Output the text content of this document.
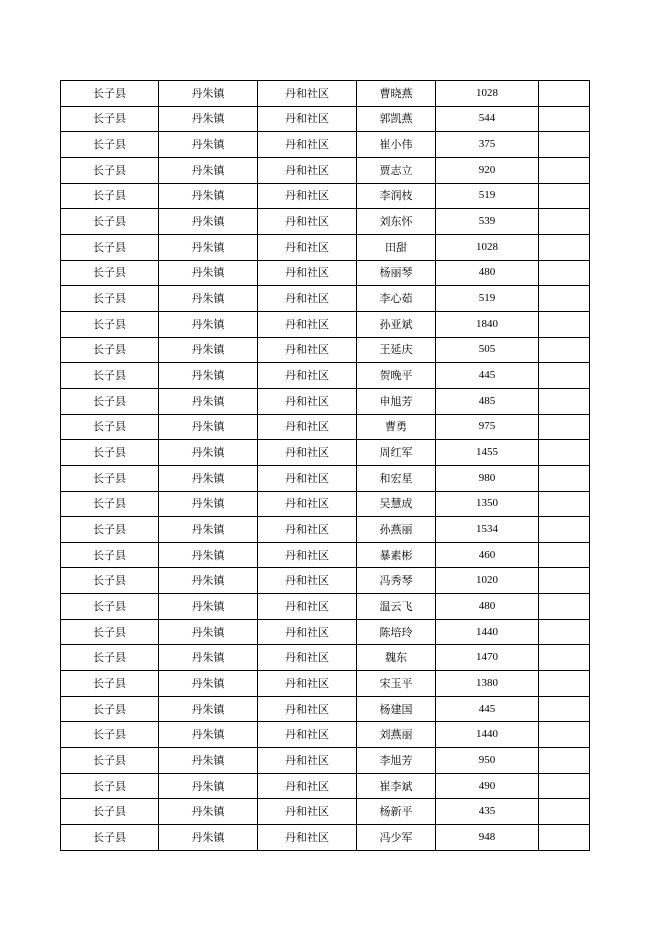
长子县	丹朱镇	丹和社区	曹晓燕	1028	
长子县	丹朱镇	丹和社区	郭凯燕	544	
长子县	丹朱镇	丹和社区	崔小伟	375	
长子县	丹朱镇	丹和社区	贾志立	920	
长子县	丹朱镇	丹和社区	李润枝	519	
长子县	丹朱镇	丹和社区	刘东怀	539	
长子县	丹朱镇	丹和社区	田甜	1028	
长子县	丹朱镇	丹和社区	杨丽琴	480	
长子县	丹朱镇	丹和社区	李心茹	519	
长子县	丹朱镇	丹和社区	孙亚斌	1840	
长子县	丹朱镇	丹和社区	王延庆	505	
长子县	丹朱镇	丹和社区	贺晚平	445	
长子县	丹朱镇	丹和社区	申旭芳	485	
长子县	丹朱镇	丹和社区	曹勇	975	
长子县	丹朱镇	丹和社区	周红军	1455	
长子县	丹朱镇	丹和社区	和宏星	980	
长子县	丹朱镇	丹和社区	吴慧成	1350	
长子县	丹朱镇	丹和社区	孙燕丽	1534	
长子县	丹朱镇	丹和社区	暴素彬	460	
长子县	丹朱镇	丹和社区	冯秀琴	1020	
长子县	丹朱镇	丹和社区	温云飞	480	
长子县	丹朱镇	丹和社区	陈培玲	1440	
长子县	丹朱镇	丹和社区	魏东	1470	
长子县	丹朱镇	丹和社区	宋玉平	1380	
长子县	丹朱镇	丹和社区	杨建国	445	
长子县	丹朱镇	丹和社区	刘燕丽	1440	
长子县	丹朱镇	丹和社区	李旭芳	950	
长子县	丹朱镇	丹和社区	崔李斌	490	
长子县	丹朱镇	丹和社区	杨新平	435	
长子县	丹朱镇	丹和社区	冯少军	948	
